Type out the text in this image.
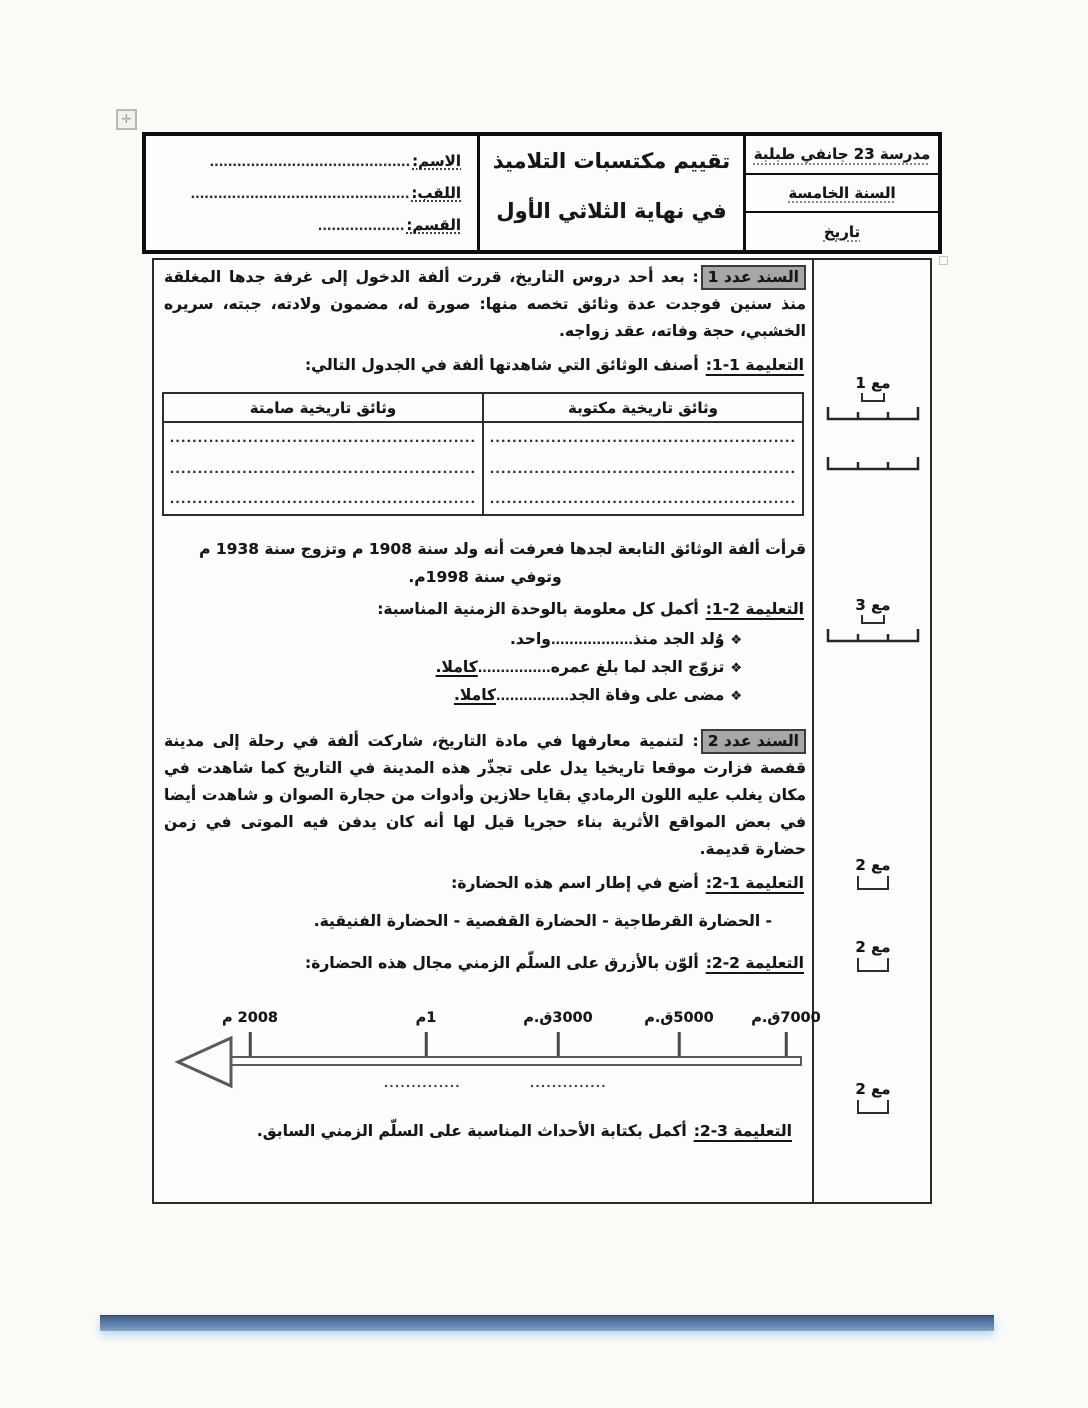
✛
الاسم:............................................
اللقب:................................................
القسم:...................
تقييم مكتسبات التلاميذ
في نهاية الثلاثي الأول
مدرسة 23 جانفي طبلبة
السنة الخامسة
تاريخ

السند عدد 1: بعد أحد دروس التاريخ، قررت ألفة الدخول إلى غرفة جدها المغلقة منذ سنين فوجدت عدة وثائق تخصه منها: صورة له، مضمون ولادته، جبته، سريره الخشبي، حجة وفاته، عقد زواجه.

التعليمة 1-1:أصنف الوثائق التي شاهدتها ألفة في الجدول التالي:
وثائق تاريخية مكتوبة	وثائق تاريخية صامتة
.......................................................	.......................................................
.......................................................	.......................................................
.......................................................	.......................................................

قرأت ألفة الوثائق التابعة لجدها فعرفت أنه ولد سنة 1908 م وتزوج سنة 1938 م

وتوفي سنة 1998م.

التعليمة 2-1:أكمل كل معلومة بالوحدة الزمنية المناسبة:
❖وُلد الجد منذ..................واحد.
❖تزوّج الجد لما بلغ عمره................كاملا.
❖مضى على وفاة الجد................كاملا.

السند عدد 2: لتنمية معارفها في مادة التاريخ، شاركت ألفة في رحلة إلى مدينة قفصة فزارت موقعا تاريخيا يدل على تجذّر هذه المدينة في التاريخ كما شاهدت في مكان يغلب عليه اللون الرمادي بقايا حلازين وأدوات من حجارة الصوان و شاهدت أيضا في بعض المواقع الأثرية بناء حجريا قيل لها أنه كان يدفن فيه الموتى في زمن حضارة قديمة.

التعليمة 1-2:أضع في إطار اسم هذه الحضارة:
- الحضارة القرطاجية - الحضارة القفصية - الحضارة الفنيقية.
التعليمة 2-2:ألوّن بالأزرق على السلّم الزمني مجال هذه الحضارة:
2008 م	1م	3000ق.م	5000ق.م	7000ق.م
..............	..............
التعليمة 3-2:أكمل بكتابة الأحداث المناسبة على السلّم الزمني السابق.
مع 1
مع 3
مع 2
مع 2
مع 2
